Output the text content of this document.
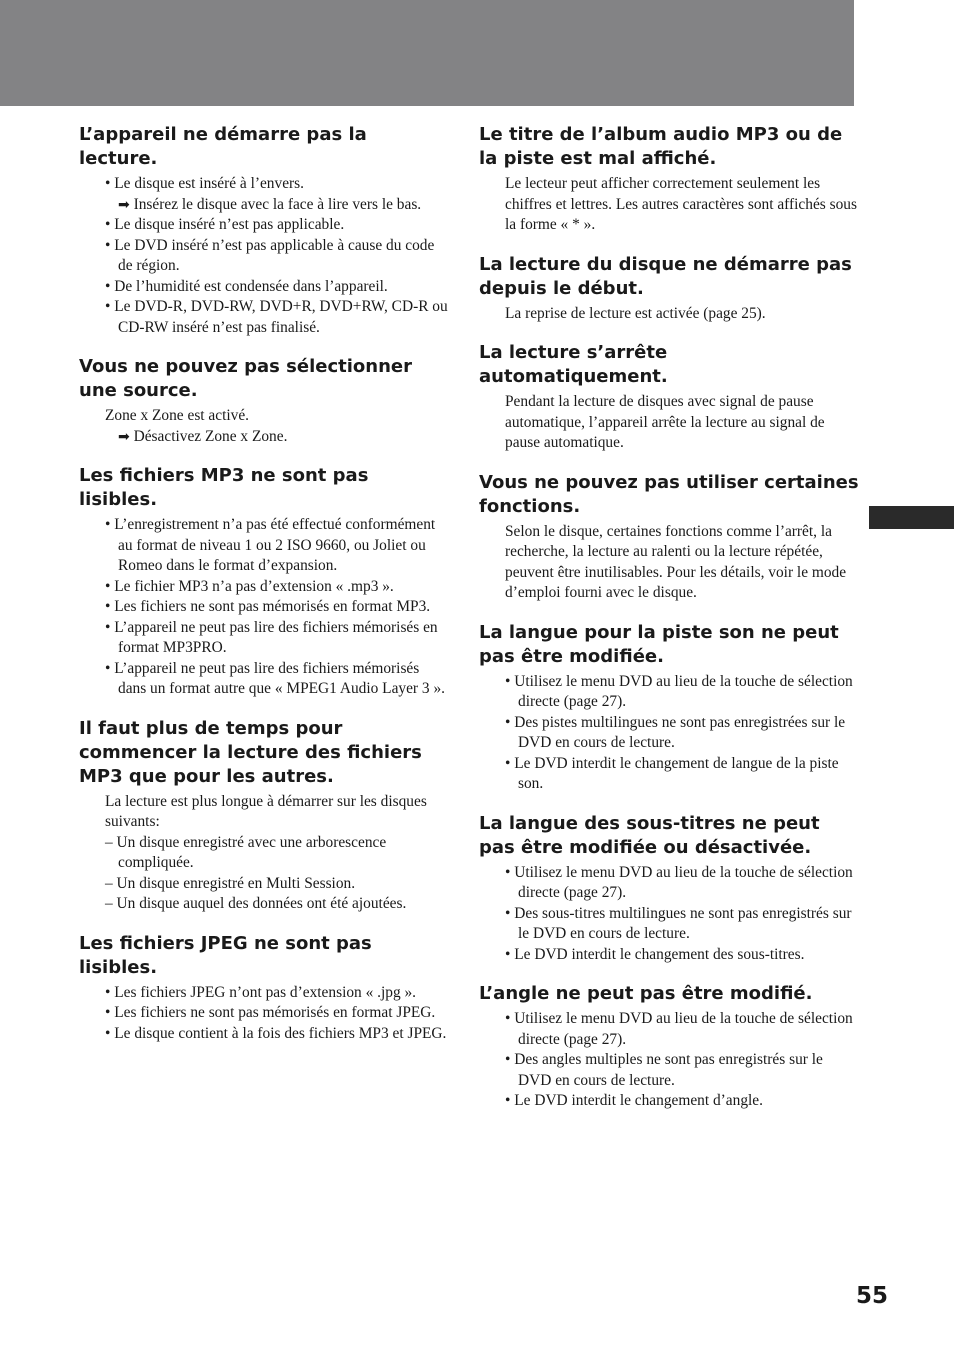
L’appareil ne démarre pas la lecture.
• Le disque est inséré à l’envers.
➡ Insérez le disque avec la face à lire vers le bas.
• Le disque inséré n’est pas applicable.
• Le DVD inséré n’est pas applicable à cause du code de région.
• De l’humidité est condensée dans l’appareil.
• Le DVD-R, DVD-RW, DVD+R, DVD+RW, CD-R ou CD-RW inséré n’est pas finalisé.
Vous ne pouvez pas sélectionner une source.

Zone x Zone est activé.

➡ Désactivez Zone x Zone.
Les fichiers MP3 ne sont pas lisibles.
• L’enregistrement n’a pas été effectué conformément au format de niveau 1 ou 2 ISO 9660, ou Joliet ou Romeo dans le format d’expansion.
• Le fichier MP3 n’a pas d’extension « .mp3 ».
• Les fichiers ne sont pas mémorisés en format MP3.
• L’appareil ne peut pas lire des fichiers mémorisés en format MP3PRO.
• L’appareil ne peut pas lire des fichiers mémorisés dans un format autre que « MPEG1 Audio Layer 3 ».
Il faut plus de temps pour commencer la lecture des fichiers MP3 que pour les autres.

La lecture est plus longue à démarrer sur les disques suivants:

– Un disque enregistré avec une arborescence compliquée.
– Un disque enregistré en Multi Session.
– Un disque auquel des données ont été ajoutées.
Les fichiers JPEG ne sont pas lisibles.
• Les fichiers JPEG n’ont pas d’extension « .jpg ».
• Les fichiers ne sont pas mémorisés en format JPEG.
• Le disque contient à la fois des fichiers MP3 et JPEG.
Le titre de l’album audio MP3 ou de la piste est mal affiché.

Le lecteur peut afficher correctement seulement les chiffres et lettres. Les autres caractères sont affichés sous la forme « * ».

La lecture du disque ne démarre pas depuis le début.

La reprise de lecture est activée (page 25).

La lecture s’arrête automatiquement.

Pendant la lecture de disques avec signal de pause automatique, l’appareil arrête la lecture au signal de pause automatique.

Vous ne pouvez pas utiliser certaines fonctions.

Selon le disque, certaines fonctions comme l’arrêt, la recherche, la lecture au ralenti ou la lecture répétée, peuvent être inutilisables. Pour les détails, voir le mode d’emploi fourni avec le disque.

La langue pour la piste son ne peut pas être modifiée.
• Utilisez le menu DVD au lieu de la touche de sélection directe (page 27).
• Des pistes multilingues ne sont pas enregistrées sur le DVD en cours de lecture.
• Le DVD interdit le changement de langue de la piste son.
La langue des sous-titres ne peut pas être modifiée ou désactivée.
• Utilisez le menu DVD au lieu de la touche de sélection directe (page 27).
• Des sous-titres multilingues ne sont pas enregistrés sur le DVD en cours de lecture.
• Le DVD interdit le changement des sous-titres.
L’angle ne peut pas être modifié.
• Utilisez le menu DVD au lieu de la touche de sélection directe (page 27).
• Des angles multiples ne sont pas enregistrés sur le DVD en cours de lecture.
• Le DVD interdit le changement d’angle.
55
